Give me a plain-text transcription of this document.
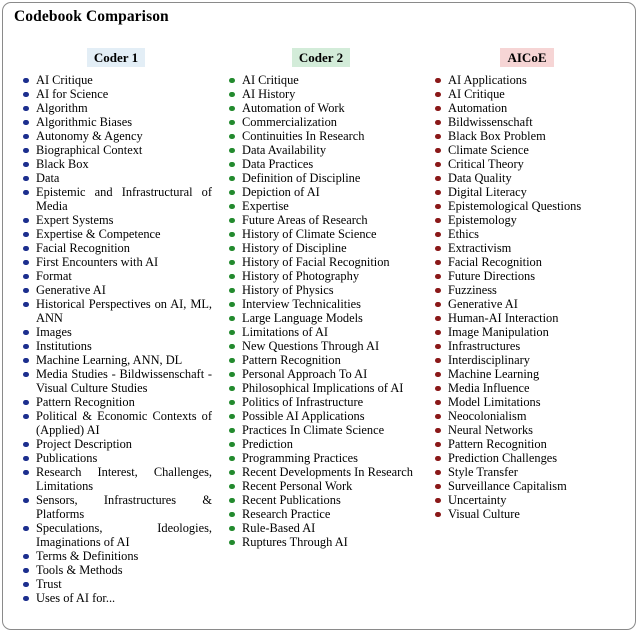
Codebook Comparison
Coder 1
AI Critique
AI for Science
Algorithm
Algorithmic Biases
Autonomy & Agency
Biographical Context
Black Box
Data
Epistemic and Infrastructural of Media
Expert Systems
Expertise & Competence
Facial Recognition
First Encounters with AI
Format
Generative AI
Historical Perspectives on AI, ML, ANN
Images
Institutions
Machine Learning, ANN, DL
Media Studies - Bildwissenschaft - Visual Culture Studies
Pattern Recognition
Political & Economic Contexts of (Applied) AI
Project Description
Publications
Research Interest, Challenges, Limitations
Sensors, Infrastructures & Platforms
Speculations, Ideologies, Imaginations of AI
Terms & Definitions
Tools & Methods
Trust
Uses of AI for...
Coder 2
AI Critique
AI History
Automation of Work
Commercialization
Continuities In Research
Data Availability
Data Practices
Definition of Discipline
Depiction of AI
Expertise
Future Areas of Research
History of Climate Science
History of Discipline
History of Facial Recognition
History of Photography
History of Physics
Interview Technicalities
Large Language Models
Limitations of AI
New Questions Through AI
Pattern Recognition
Personal Approach To AI
Philosophical Implications of AI
Politics of Infrastructure
Possible AI Applications
Practices In Climate Science
Prediction
Programming Practices
Recent Developments In Research
Recent Personal Work
Recent Publications
Research Practice
Rule-Based AI
Ruptures Through AI
AICoE
AI Applications
AI Critique
Automation
Bildwissenschaft
Black Box Problem
Climate Science
Critical Theory
Data Quality
Digital Literacy
Epistemological Questions
Epistemology
Ethics
Extractivism
Facial Recognition
Future Directions
Fuzziness
Generative AI
Human-AI Interaction
Image Manipulation
Infrastructures
Interdisciplinary
Machine Learning
Media Influence
Model Limitations
Neocolonialism
Neural Networks
Pattern Recognition
Prediction Challenges
Style Transfer
Surveillance Capitalism
Uncertainty
Visual Culture
